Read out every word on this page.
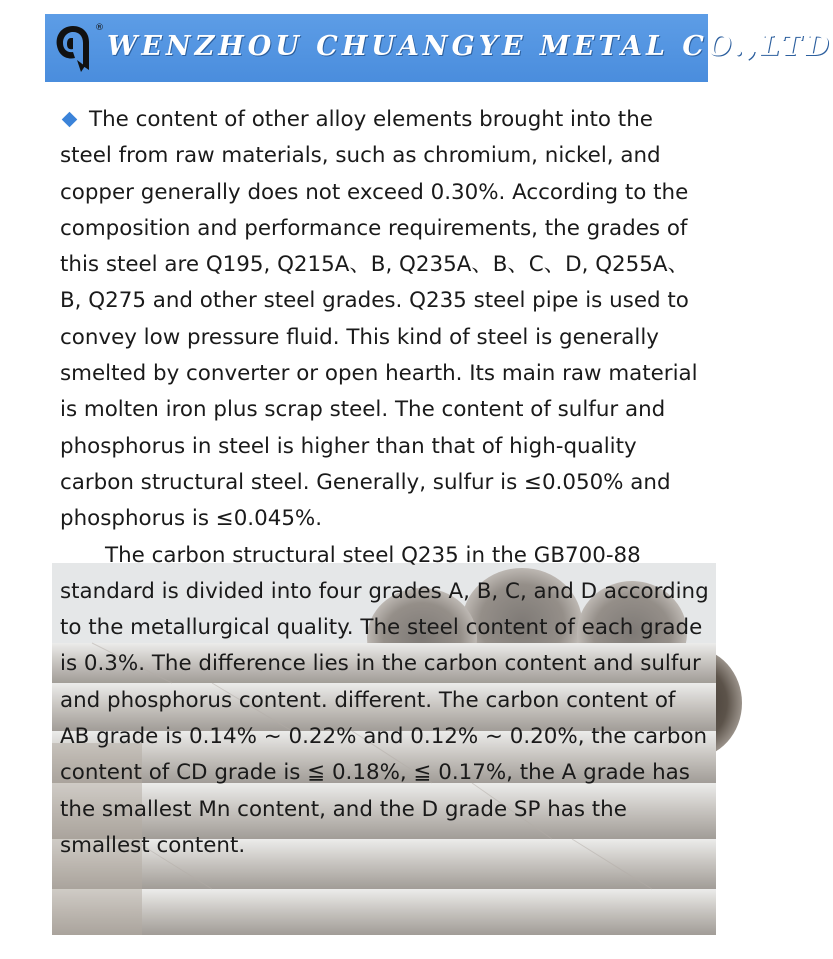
®
WENZHOU CHUANGYE METAL CO.,LTD

The content of other alloy elements brought into the steel from raw materials, such as chromium, nickel, and copper generally does not exceed 0.30%. According to the composition and performance requirements, the grades of this steel are Q195, Q215A、B, Q235A、B、C、D, Q255A、B, Q275 and other steel grades. Q235 steel pipe is used to convey low pressure fluid. This kind of steel is generally smelted by converter or open hearth. Its main raw material is molten iron plus scrap steel. The content of sulfur and phosphorus in steel is higher than that of high-quality carbon structural steel. Generally, sulfur is ≤0.050% and phosphorus is ≤0.045%.

The carbon structural steel Q235 in the GB700-88 standard is divided into four grades A, B, C, and D according to the metallurgical quality. The steel content of each grade is 0.3%. The difference lies in the carbon content and sulfur and phosphorus content. different. The carbon content of AB grade is 0.14% ~ 0.22% and 0.12% ~ 0.20%, the carbon content of CD grade is ≦ 0.18%, ≦ 0.17%, the A grade has the smallest Mn content, and the D grade SP has the smallest content.
